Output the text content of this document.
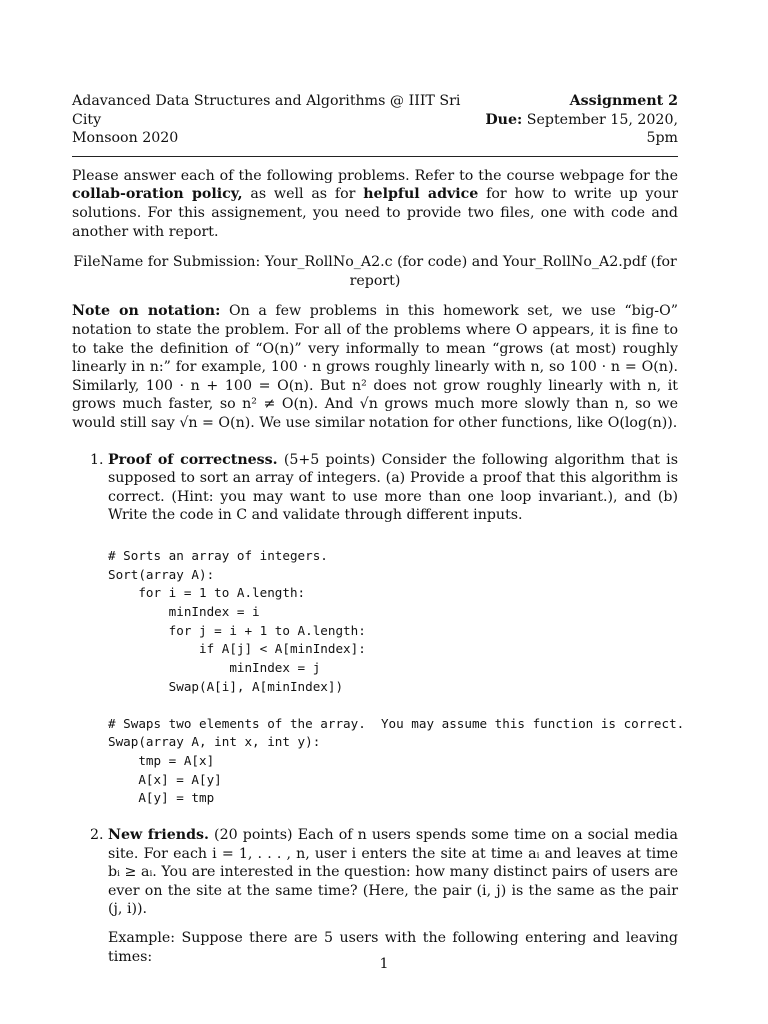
Adavanced Data Structures and Algorithms @ IIIT Sri City
Monsoon 2020
Assignment 2
Due: September 15, 2020, 5pm

Please answer each of the following problems. Refer to the course webpage for the collab-oration policy, as well as for helpful advice for how to write up your solutions. For this assignement, you need to provide two files, one with code and another with report.

FileName for Submission: Your_RollNo_A2.c (for code) and Your_RollNo_A2.pdf (for report)

Note on notation: On a few problems in this homework set, we use “big-O” notation to state the problem. For all of the problems where O appears, it is fine to to take the definition of “O(n)” very informally to mean “grows (at most) roughly linearly in n:” for example, 100 · n grows roughly linearly with n, so 100 · n = O(n). Similarly, 100 · n + 100 = O(n). But n² does not grow roughly linearly with n, it grows much faster, so n² ≠ O(n). And √n grows much more slowly than n, so we would still say √n = O(n). We use similar notation for other functions, like O(log(n)).

1. Proof of correctness. (5+5 points) Consider the following algorithm that is supposed to sort an array of integers. (a) Provide a proof that this algorithm is correct. (Hint: you may want to use more than one loop invariant.), and (b) Write the code in C and validate through different inputs.
# Sorts an array of integers.
Sort(array A):
for i = 1 to A.length:
minIndex = i
for j = i + 1 to A.length:
if A[j] < A[minIndex]:
minIndex = j
Swap(A[i], A[minIndex])
# Swaps two elements of the array.  You may assume this function is correct.
Swap(array A, int x, int y):
tmp = A[x]
A[x] = A[y]
A[y] = tmp
2. New friends. (20 points) Each of n users spends some time on a social media site. For each i = 1, . . . , n, user i enters the site at time aᵢ and leaves at time bᵢ ≥ aᵢ. You are interested in the question: how many distinct pairs of users are ever on the site at the same time? (Here, the pair (i, j) is the same as the pair (j, i)).

Example: Suppose there are 5 users with the following entering and leaving times:	1
